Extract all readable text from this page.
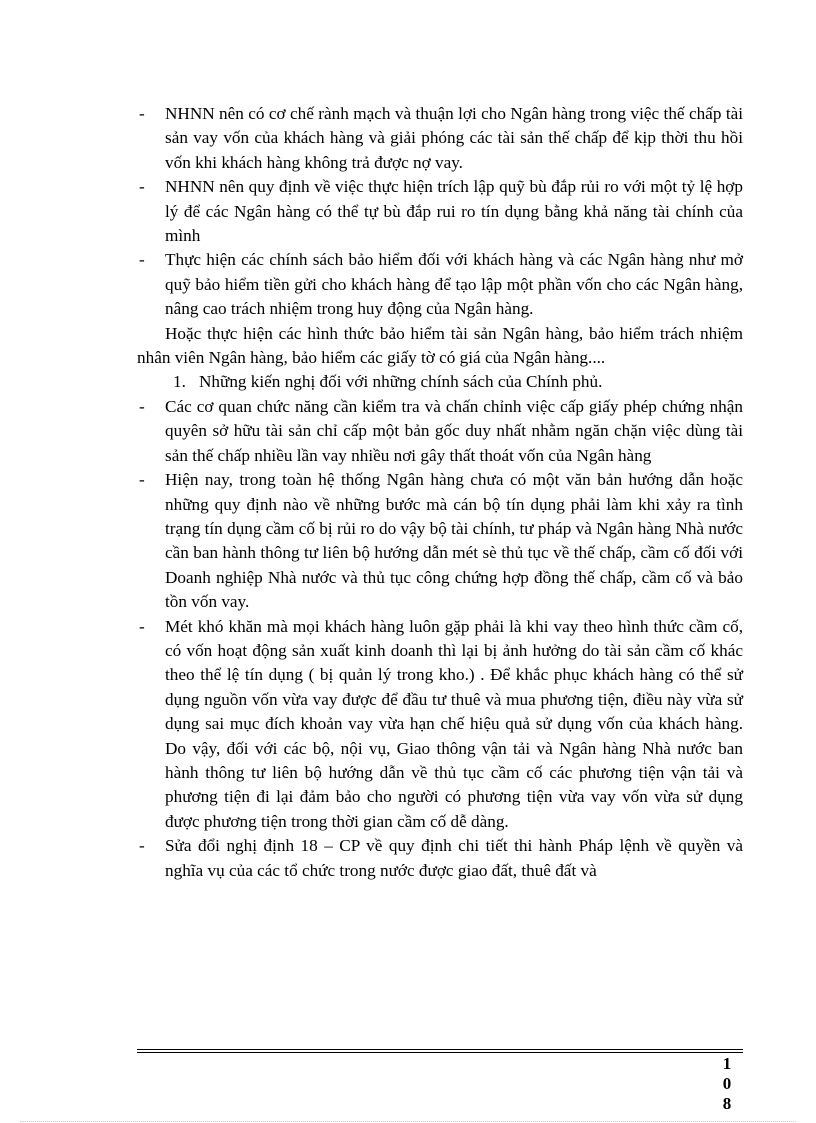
- NHNN nên có cơ chế rành mạch và thuận lợi cho Ngân hàng trong việc thế chấp tài sản vay vốn của khách hàng và giải phóng các tài sản thế chấp để kịp thời thu hồi vốn khi khách hàng không trả được nợ vay.
- NHNN nên quy định về việc thực hiện trích lập quỹ bù đắp rủi ro với một tỷ lệ hợp lý để các Ngân hàng có thể tự bù đắp rui ro tín dụng bằng khả năng tài chính của mình
- Thực hiện các chính sách bảo hiểm đối với khách hàng và các Ngân hàng như mở quỹ bảo hiểm tiền gửi cho khách hàng để tạo lập một phần vốn cho các Ngân hàng, nâng cao trách nhiệm trong huy động của Ngân hàng.
Hoặc thực hiện các hình thức bảo hiểm tài sản Ngân hàng, bảo hiểm trách nhiệm nhân viên Ngân hàng, bảo hiểm các giấy tờ có giá của Ngân hàng....
1. Những kiến nghị đối với những chính sách của Chính phủ.
- Các cơ quan chức năng cần kiểm tra và chấn chỉnh việc cấp giấy phép chứng nhận quyên sở hữu tài sản chỉ cấp một bản gốc duy nhất nhằm ngăn chặn việc dùng tài sản thế chấp nhiều lần vay nhiều nơi gây thất thoát vốn của Ngân hàng
- Hiện nay, trong toàn hệ thống Ngân hàng chưa có một văn bản hướng dẫn hoặc những quy định nào về những bước mà cán bộ tín dụng phải làm khi xảy ra tình trạng tín dụng cầm cố bị rủi ro do vậy bộ tài chính, tư pháp và Ngân hàng Nhà nước cần ban hành thông tư liên bộ hướng dẫn mét sè thủ tục về thế chấp, cầm cố đối với Doanh nghiệp Nhà nước và thủ tục công chứng hợp đồng thế chấp, cầm cố và bảo tồn vốn vay.
- Mét khó khăn mà mọi khách hàng luôn gặp phải là khi vay theo hình thức cầm cố, có vốn hoạt động sản xuất kinh doanh thì lại bị ảnh hưởng do tài sản cầm cố khác theo thể lệ tín dụng ( bị quản lý trong kho.) . Để khắc phục khách hàng có thể sử dụng nguồn vốn vừa vay được để đầu tư thuê và mua phương tiện, điều này vừa sử dụng sai mục đích khoản vay vừa hạn chế hiệu quả sử dụng vốn của khách hàng. Do vậy, đối với các bộ, nội vụ, Giao thông vận tải và Ngân hàng Nhà nước ban hành thông tư liên bộ hướng dẫn về thủ tục cầm cố các phương tiện vận tải và phương tiện đi lại đảm bảo cho người có phương tiện vừa vay vốn vừa sử dụng được phương tiện trong thời gian cầm cố dễ dàng.
- Sửa đổi nghị định 18 – CP về quy định chi tiết thi hành Pháp lệnh về quyền và nghĩa vụ của các tổ chức trong nước được giao đất, thuê đất và
1
0
8
